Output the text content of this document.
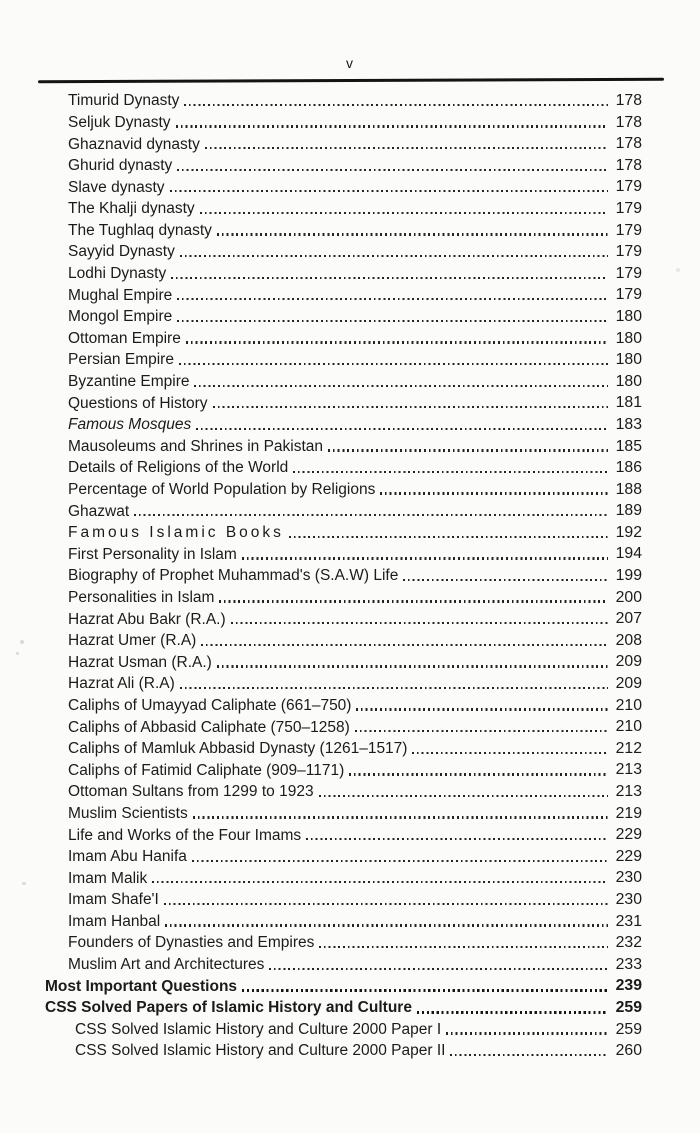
v
Timurid Dynasty	178
Seljuk Dynasty	178
Ghaznavid dynasty	178
Ghurid dynasty	178
Slave dynasty	179
The Khalji dynasty	179
The Tughlaq dynasty	179
Sayyid Dynasty	179
Lodhi Dynasty	179
Mughal Empire	179
Mongol Empire	180
Ottoman Empire	180
Persian Empire	180
Byzantine Empire	180
Questions of History	181
Famous Mosques	183
Mausoleums and Shrines in Pakistan	185
Details of Religions of the World	186
Percentage of World Population by Religions	188
Ghazwat	189
Famous Islamic Books	192
First Personality in Islam	194
Biography of Prophet Muhammad's (S.A.W) Life	199
Personalities in Islam	200
Hazrat Abu Bakr (R.A.)	207
Hazrat Umer (R.A)	208
Hazrat Usman (R.A.)	209
Hazrat Ali (R.A)	209
Caliphs of Umayyad Caliphate (661–750)	210
Caliphs of Abbasid Caliphate (750–1258)	210
Caliphs of Mamluk Abbasid Dynasty (1261–1517)	212
Caliphs of Fatimid Caliphate (909–1171)	213
Ottoman Sultans from 1299 to 1923	213
Muslim Scientists	219
Life and Works of the Four Imams	229
Imam Abu Hanifa	229
Imam Malik	230
Imam Shafe'I	230
Imam Hanbal	231
Founders of Dynasties and Empires	232
Muslim Art and Architectures	233
Most Important Questions	239
CSS Solved Papers of Islamic History and Culture	259
CSS Solved Islamic History and Culture 2000 Paper I	259
CSS Solved Islamic History and Culture 2000 Paper II	260
